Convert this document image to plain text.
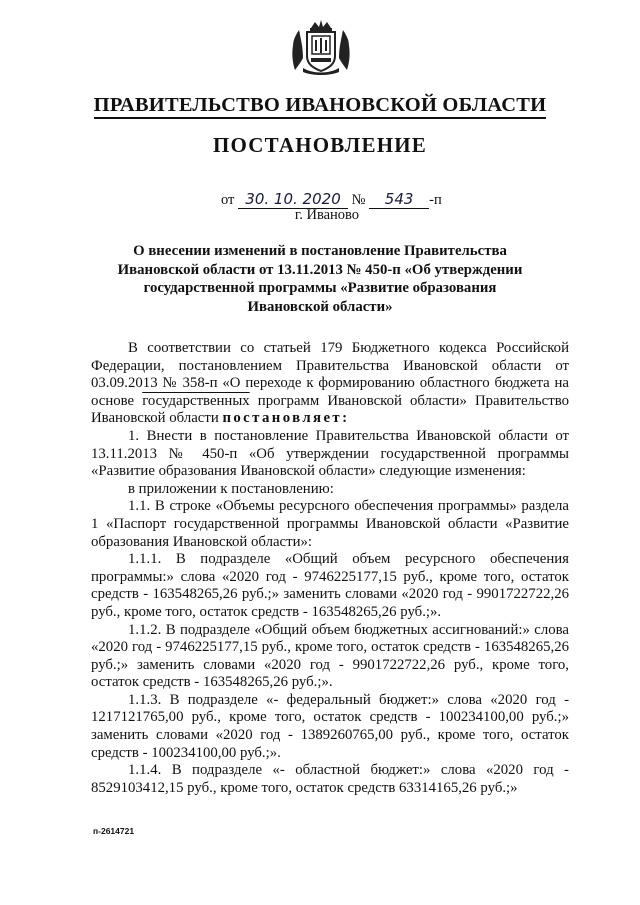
ПРАВИТЕЛЬСТВО ИВАНОВСКОЙ ОБЛАСТИ
ПОСТАНОВЛЕНИЕ
от 30. 10. 2020 № 543 -п
г. Иваново
О внесении изменений в постановление Правительства
Ивановской области от 13.11.2013 № 450-п «Об утверждении
государственной программы «Развитие образования
Ивановской области»

В соответствии со статьей 179 Бюджетного кодекса Российской Федерации, постановлением Правительства Ивановской области от 03.09.2013 № 358-п «О переходе к формированию областного бюджета на основе государственных программ Ивановской области» Правительство Ивановской области постановляет:

1. Внести в постановление Правительства Ивановской области от 13.11.2013 № 450-п «Об утверждении государственной программы «Развитие образования Ивановской области» следующие изменения:

в приложении к постановлению:

1.1. В строке «Объемы ресурсного обеспечения программы» раздела 1 «Паспорт государственной программы Ивановской области «Развитие образования Ивановской области»:

1.1.1. В подразделе «Общий объем ресурсного обеспечения программы:» слова «2020 год - 9746225177,15 руб., кроме того, остаток средств - 163548265,26 руб.;» заменить словами «2020 год - 9901722722,26 руб., кроме того, остаток средств - 163548265,26 руб.;».

1.1.2. В подразделе «Общий объем бюджетных ассигнований:» слова «2020 год - 9746225177,15 руб., кроме того, остаток средств - 163548265,26 руб.;» заменить словами «2020 год - 9901722722,26 руб., кроме того, остаток средств - 163548265,26 руб.;».

1.1.3. В подразделе «- федеральный бюджет:» слова «2020 год - 1217121765,00 руб., кроме того, остаток средств - 100234100,00 руб.;» заменить словами «2020 год - 1389260765,00 руб., кроме того, остаток средств - 100234100,00 руб.;».

1.1.4. В подразделе «- областной бюджет:» слова «2020 год - 8529103412,15 руб., кроме того, остаток средств 63314165,26 руб.;»

п-2614721
